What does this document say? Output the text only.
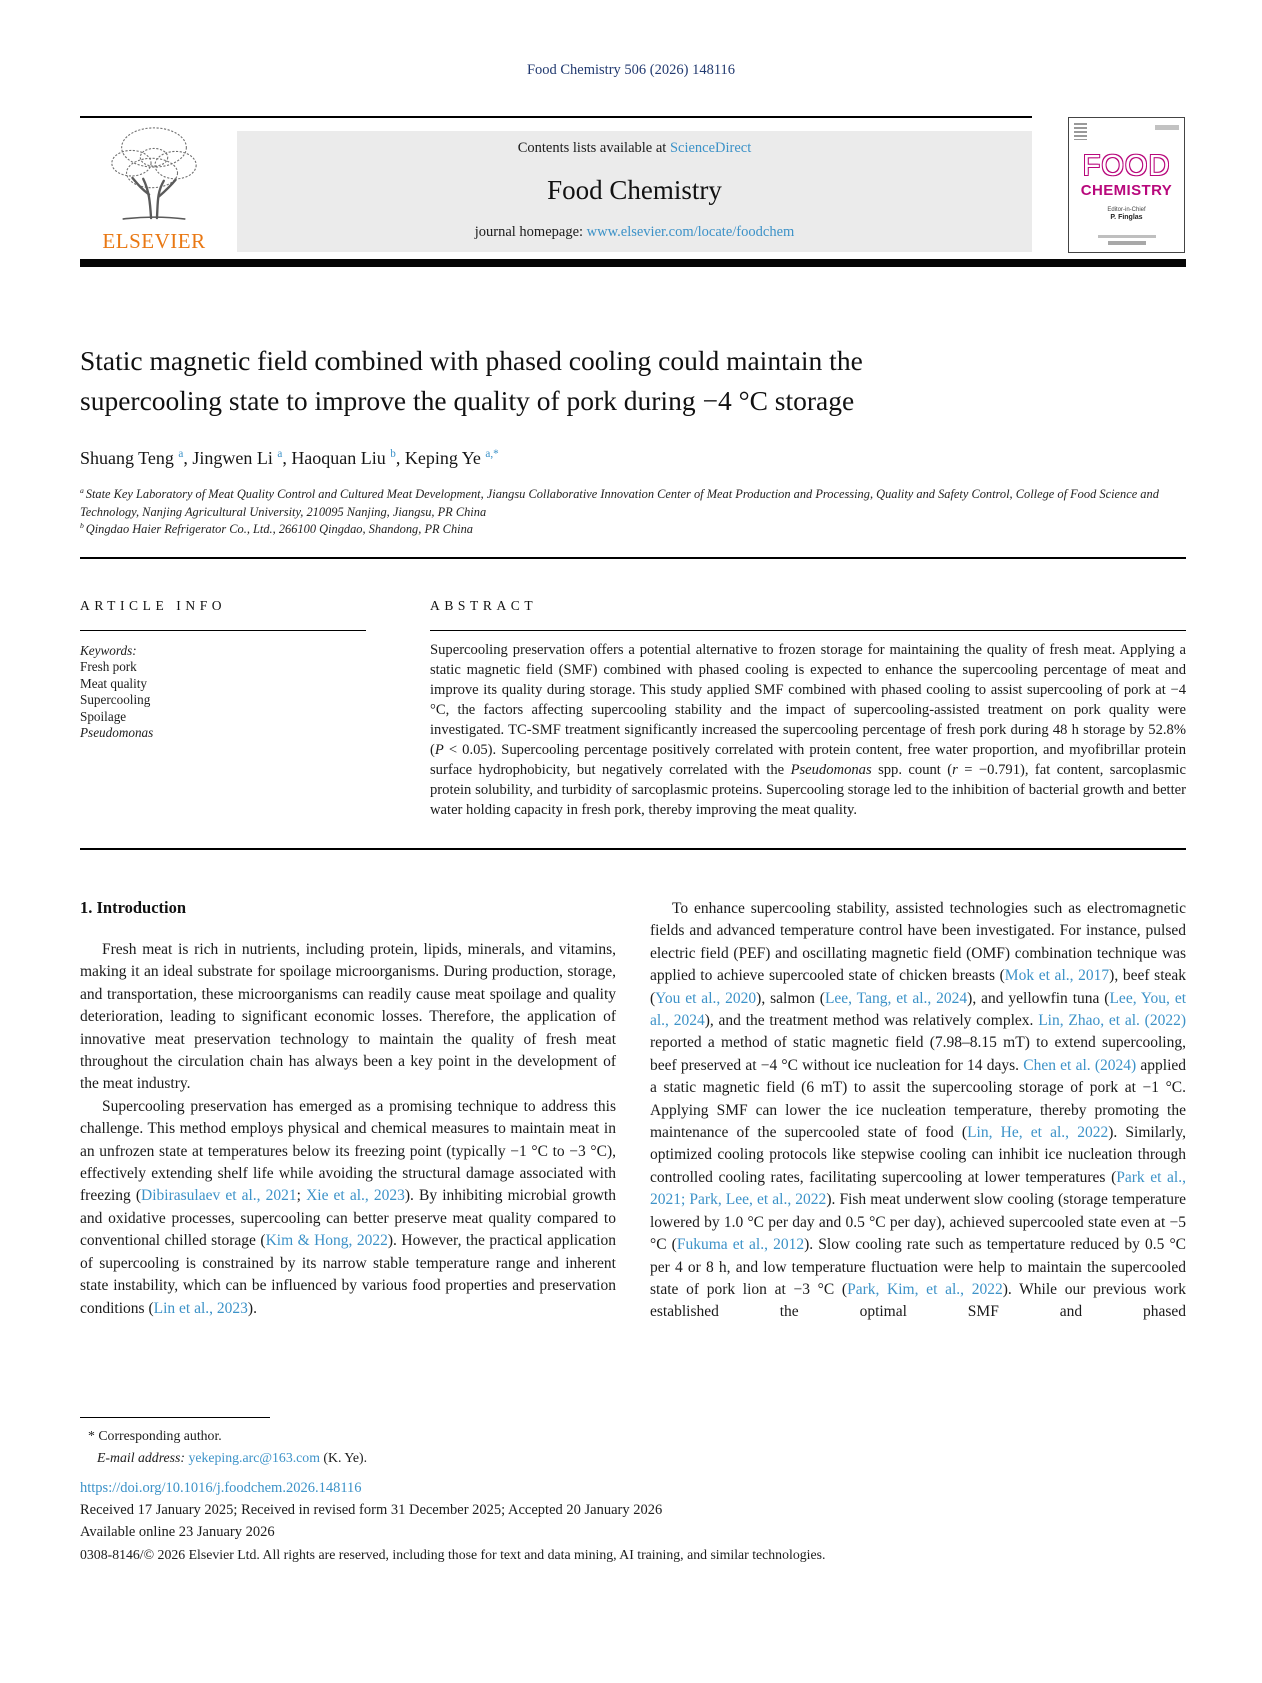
Food Chemistry 506 (2026) 148116
ELSEVIER
Contents lists available at ScienceDirect
Food Chemistry
journal homepage: www.elsevier.com/locate/foodchem
FOOD
CHEMISTRY
Editor-in-Chief
P. Finglas
Static magnetic field combined with phased cooling could maintain the supercooling state to improve the quality of pork during −4 °C storage
Shuang Teng $^a$, Jingwen Li $^a$, Haoquan Liu $^b$, Keping Ye $^{a,*}$
$^a$ State Key Laboratory of Meat Quality Control and Cultured Meat Development, Jiangsu Collaborative Innovation Center of Meat Production and Processing, Quality and Safety Control, College of Food Science and Technology, Nanjing Agricultural University, 210095 Nanjing, Jiangsu, PR China
$^b$ Qingdao Haier Refrigerator Co., Ltd., 266100 Qingdao, Shandong, PR China
ARTICLE INFO	ABSTRACT
Keywords:
Fresh pork
Meat quality
Supercooling
Spoilage
Pseudomonas
Supercooling preservation offers a potential alternative to frozen storage for maintaining the quality of fresh meat. Applying a static magnetic field (SMF) combined with phased cooling is expected to enhance the supercooling percentage of meat and improve its quality during storage. This study applied SMF combined with phased cooling to assist supercooling of pork at −4 °C, the factors affecting supercooling stability and the impact of supercooling-assisted treatment on pork quality were investigated. TC-SMF treatment significantly increased the supercooling percentage of fresh pork during 48 h storage by 52.8% (P < 0.05). Supercooling percentage positively correlated with protein content, free water proportion, and myofibrillar protein surface hydrophobicity, but negatively correlated with the Pseudomonas spp. count (r = −0.791), fat content, sarcoplasmic protein solubility, and turbidity of sarcoplasmic proteins. Supercooling storage led to the inhibition of bacterial growth and better water holding capacity in fresh pork, thereby improving the meat quality.
1. Introduction

Fresh meat is rich in nutrients, including protein, lipids, minerals, and vitamins, making it an ideal substrate for spoilage microorganisms. During production, storage, and transportation, these microorganisms can readily cause meat spoilage and quality deterioration, leading to significant economic losses. Therefore, the application of innovative meat preservation technology to maintain the quality of fresh meat throughout the circulation chain has always been a key point in the development of the meat industry.

Supercooling preservation has emerged as a promising technique to address this challenge. This method employs physical and chemical measures to maintain meat in an unfrozen state at temperatures below its freezing point (typically −1 °C to −3 °C), effectively extending shelf life while avoiding the structural damage associated with freezing (Dibirasulaev et al., 2021; Xie et al., 2023). By inhibiting microbial growth and oxidative processes, supercooling can better preserve meat quality compared to conventional chilled storage (Kim & Hong, 2022). However, the practical application of supercooling is constrained by its narrow stable temperature range and inherent state instability, which can be influenced by various food properties and preservation conditions (Lin et al., 2023).

To enhance supercooling stability, assisted technologies such as electromagnetic fields and advanced temperature control have been investigated. For instance, pulsed electric field (PEF) and oscillating magnetic field (OMF) combination technique was applied to achieve supercooled state of chicken breasts (Mok et al., 2017), beef steak (You et al., 2020), salmon (Lee, Tang, et al., 2024), and yellowfin tuna (Lee, You, et al., 2024), and the treatment method was relatively complex. Lin, Zhao, et al. (2022) reported a method of static magnetic field (7.98–8.15 mT) to extend supercooling, beef preserved at −4 °C without ice nucleation for 14 days. Chen et al. (2024) applied a static magnetic field (6 mT) to assit the supercooling storage of pork at −1 °C. Applying SMF can lower the ice nucleation temperature, thereby promoting the maintenance of the supercooled state of food (Lin, He, et al., 2022). Similarly, optimized cooling protocols like stepwise cooling can inhibit ice nucleation through controlled cooling rates, facilitating supercooling at lower temperatures (Park et al., 2021; Park, Lee, et al., 2022). Fish meat underwent slow cooling (storage temperature lowered by 1.0 °C per day and 0.5 °C per day), achieved supercooled state even at −5 °C (Fukuma et al., 2012). Slow cooling rate such as tempertature reduced by 0.5 °C per 4 or 8 h, and low temperature fluctuation were help to maintain the supercooled state of pork lion at −3 °C (Park, Kim, et al., 2022). While our previous work established the optimal SMF and phased

* Corresponding author.
E-mail address: yekeping.arc@163.com (K. Ye).
https://doi.org/10.1016/j.foodchem.2026.148116
Received 17 January 2025; Received in revised form 31 December 2025; Accepted 20 January 2026
Available online 23 January 2026
0308-8146/© 2026 Elsevier Ltd. All rights are reserved, including those for text and data mining, AI training, and similar technologies.
